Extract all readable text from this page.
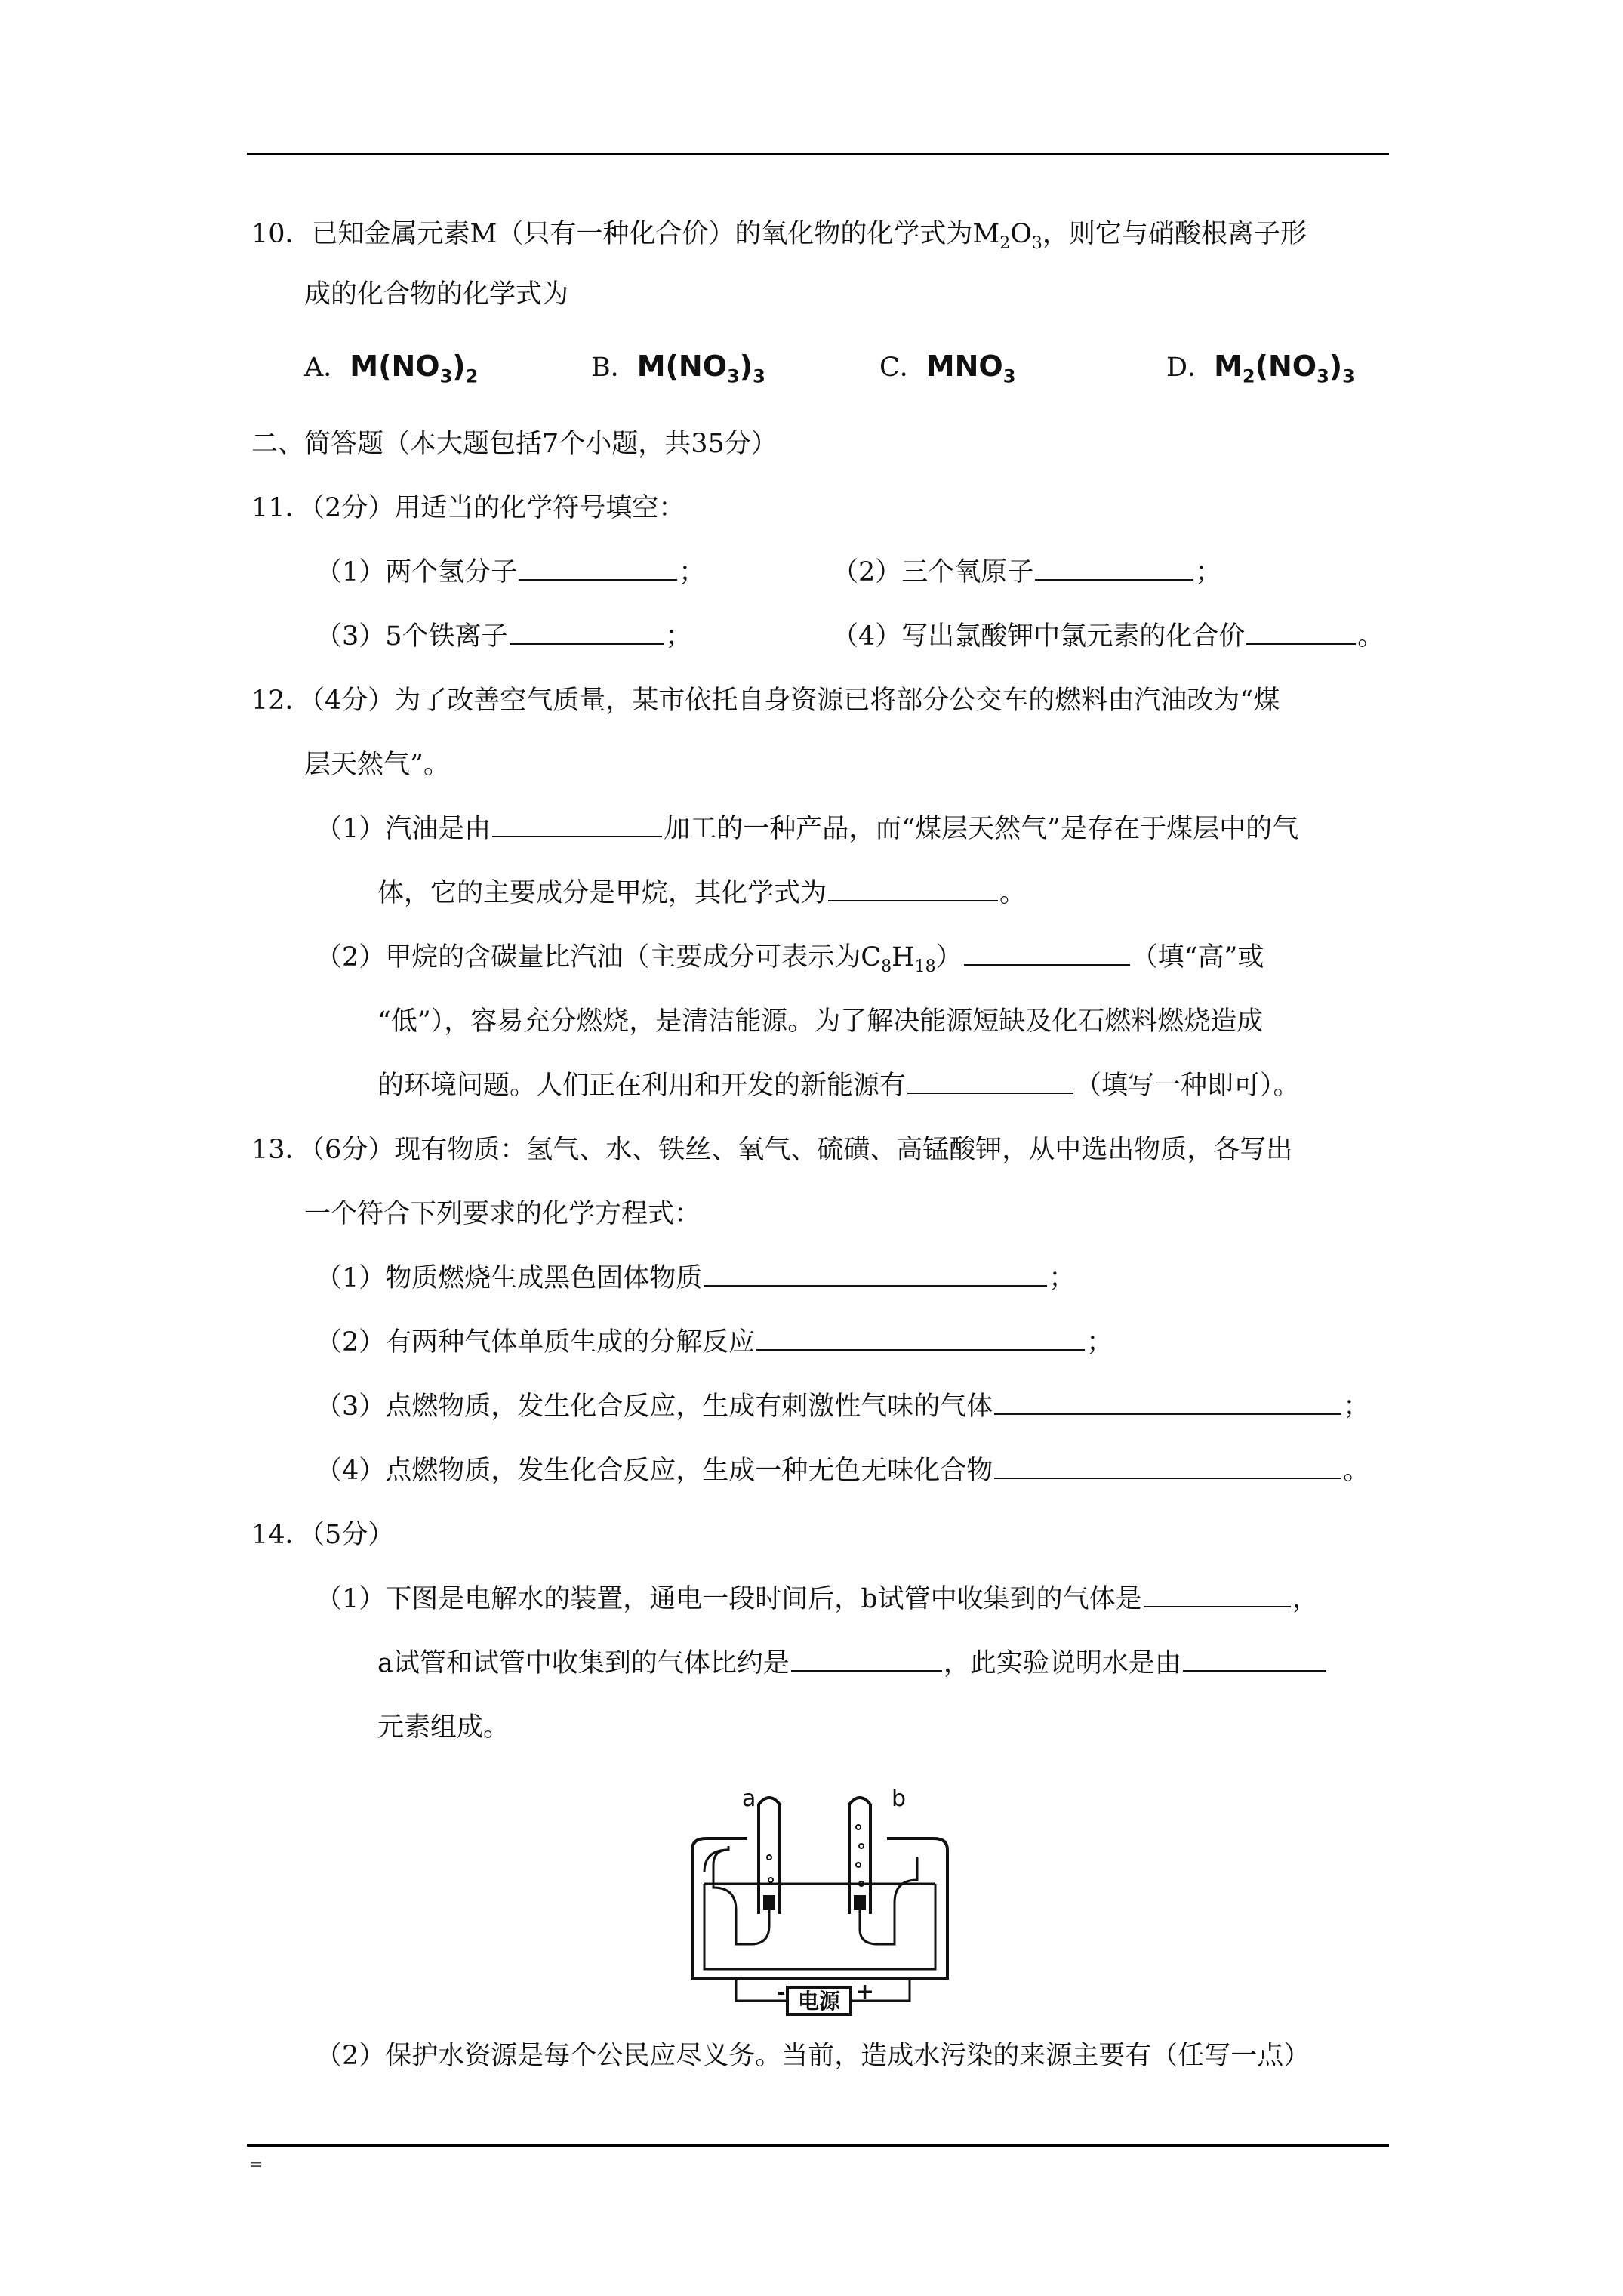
10．已知金属元素M（只有一种化合价）的氧化物的化学式为$M_2O_3$，则它与硝酸根离子形
成的化合物的化学式为
A．$M(NO_3)_2$	B．$M(NO_3)_3$	C．$MNO_3$	D．$M_2(NO_3)_3$
二、简答题（本大题包括7个小题，共35分）
11．（2分）用适当的化学符号填空：
（1）两个氢分子	；	（2）三个氧原子	；
（3）5个铁离子	；	（4）写出氯酸钾中氯元素的化合价	。
12．（4分）为了改善空气质量，某市依托自身资源已将部分公交车的燃料由汽油改为“煤
层天然气”。
（1）汽油是由	加工的一种产品，而“煤层天然气”是存在于煤层中的气
体，它的主要成分是甲烷，其化学式为	。
（2）甲烷的含碳量比汽油（主要成分可表示为$C_8H_{18}$）	（填“高”或
“低”），容易充分燃烧，是清洁能源。为了解决能源短缺及化石燃料燃烧造成
的环境问题。人们正在利用和开发的新能源有	（填写一种即可）。
13．（6分）现有物质：氢气、水、铁丝、氧气、硫磺、高锰酸钾，从中选出物质，各写出
一个符合下列要求的化学方程式：
（1）物质燃烧生成黑色固体物质	；
（2）有两种气体单质生成的分解反应	；
（3）点燃物质，发生化合反应，生成有刺激性气味的气体	；
（4）点燃物质，发生化合反应，生成一种无色无味化合物	。
14．（5分）
（1）下图是电解水的装置，通电一段时间后，b试管中收集到的气体是	，
a试管和试管中收集到的气体比约是	，此实验说明水是由
元素组成。
电源
-	+
a	b
（2）保护水资源是每个公民应尽义务。当前，造成水污染的来源主要有（任写一点）
=
